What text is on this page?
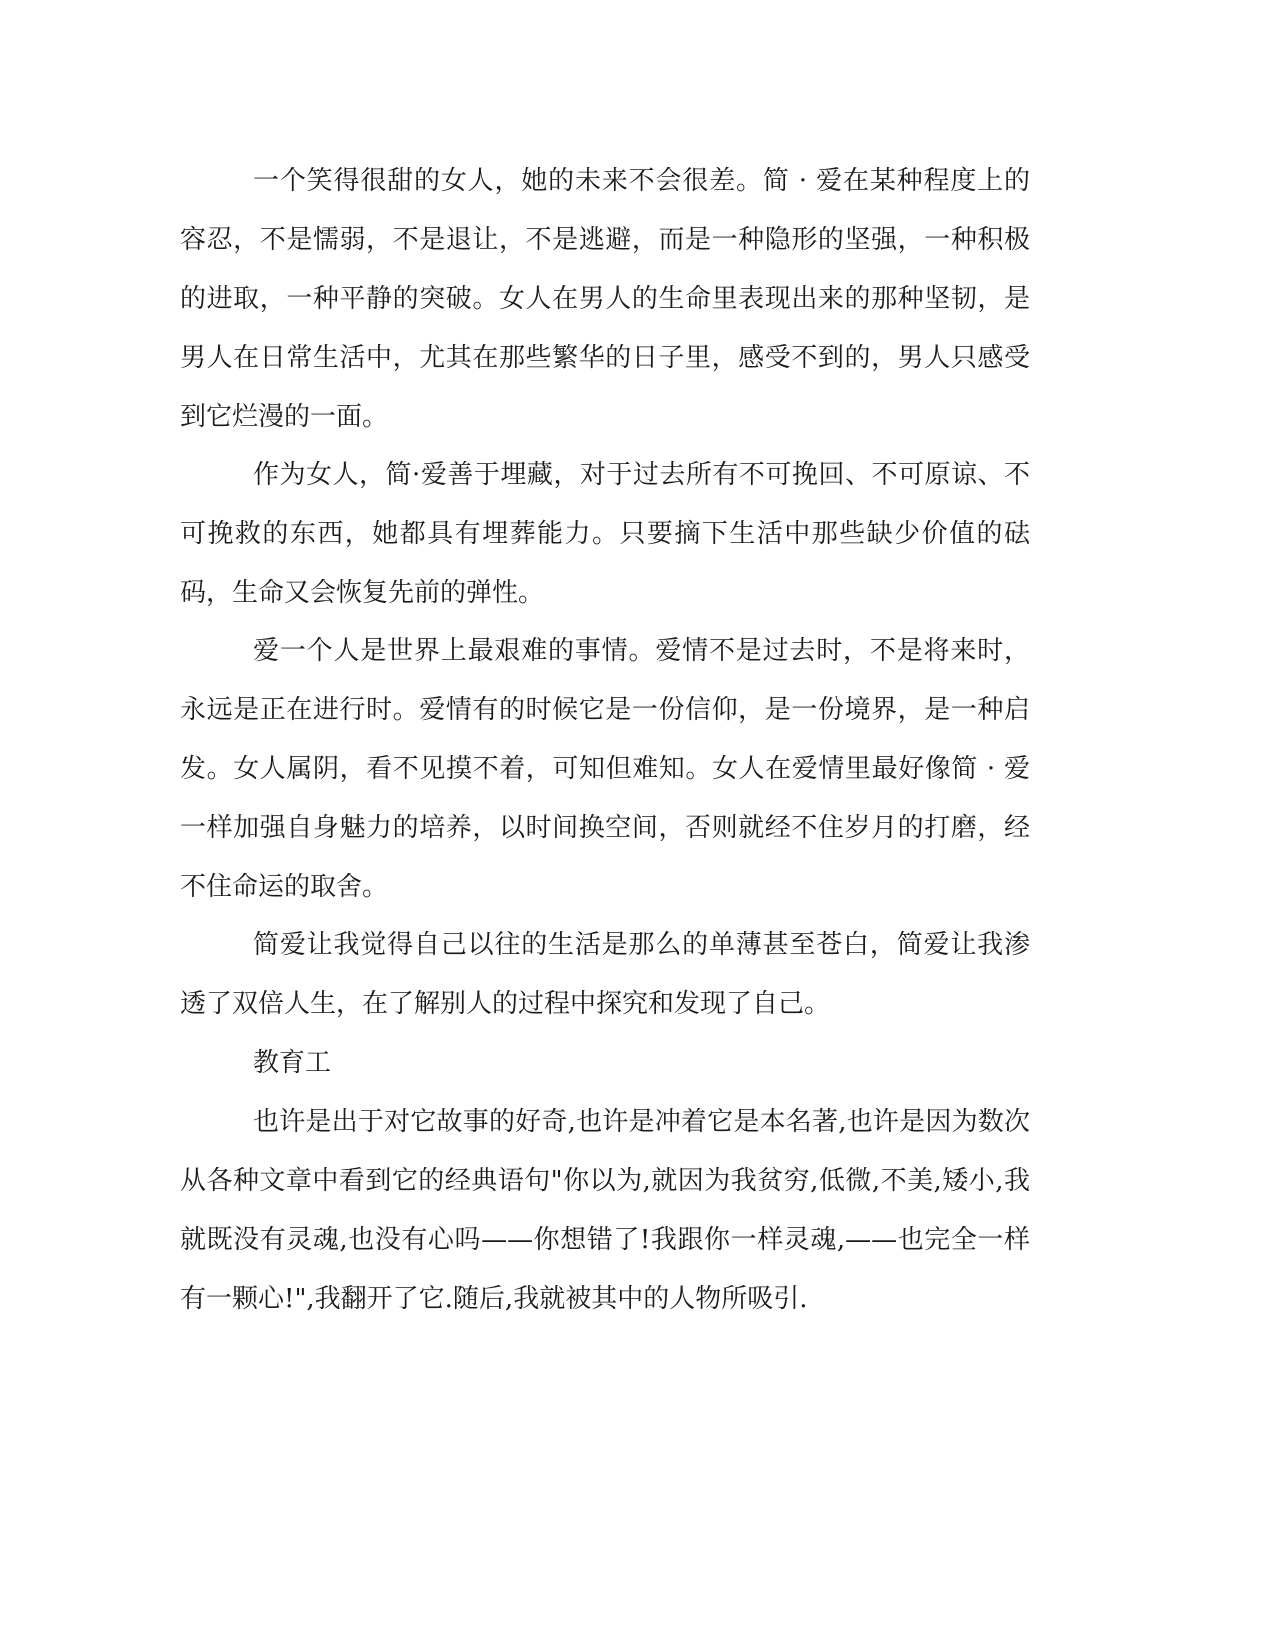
一个笑得很甜的女人，她的未来不会很差。简 · 爱在某种程度上的容忍，不是懦弱，不是退让，不是逃避，而是一种隐形的坚强，一种积极的进取，一种平静的突破。女人在男人的生命里表现出来的那种坚韧，是男人在日常生活中，尤其在那些繁华的日子里，感受不到的，男人只感受到它烂漫的一面。

作为女人，简·爱善于埋藏，对于过去所有不可挽回、不可原谅、不可挽救的东西，她都具有埋葬能力。只要摘下生活中那些缺少价值的砝码，生命又会恢复先前的弹性。

爱一个人是世界上最艰难的事情。爱情不是过去时，不是将来时，永远是正在进行时。爱情有的时候它是一份信仰，是一份境界，是一种启发。女人属阴，看不见摸不着，可知但难知。女人在爱情里最好像简 · 爱一样加强自身魅力的培养，以时间换空间，否则就经不住岁月的打磨，经不住命运的取舍。

简爱让我觉得自己以往的生活是那么的单薄甚至苍白，简爱让我渗透了双倍人生，在了解别人的过程中探究和发现了自己。

教育工

也许是出于对它故事的好奇,也许是冲着它是本名著,也许是因为数次从各种文章中看到它的经典语句"你以为,就因为我贫穷,低微,不美,矮小,我就既没有灵魂,也没有心吗——你想错了!我跟你一样灵魂,——也完全一样有一颗心!",我翻开了它.随后,我就被其中的人物所吸引.
